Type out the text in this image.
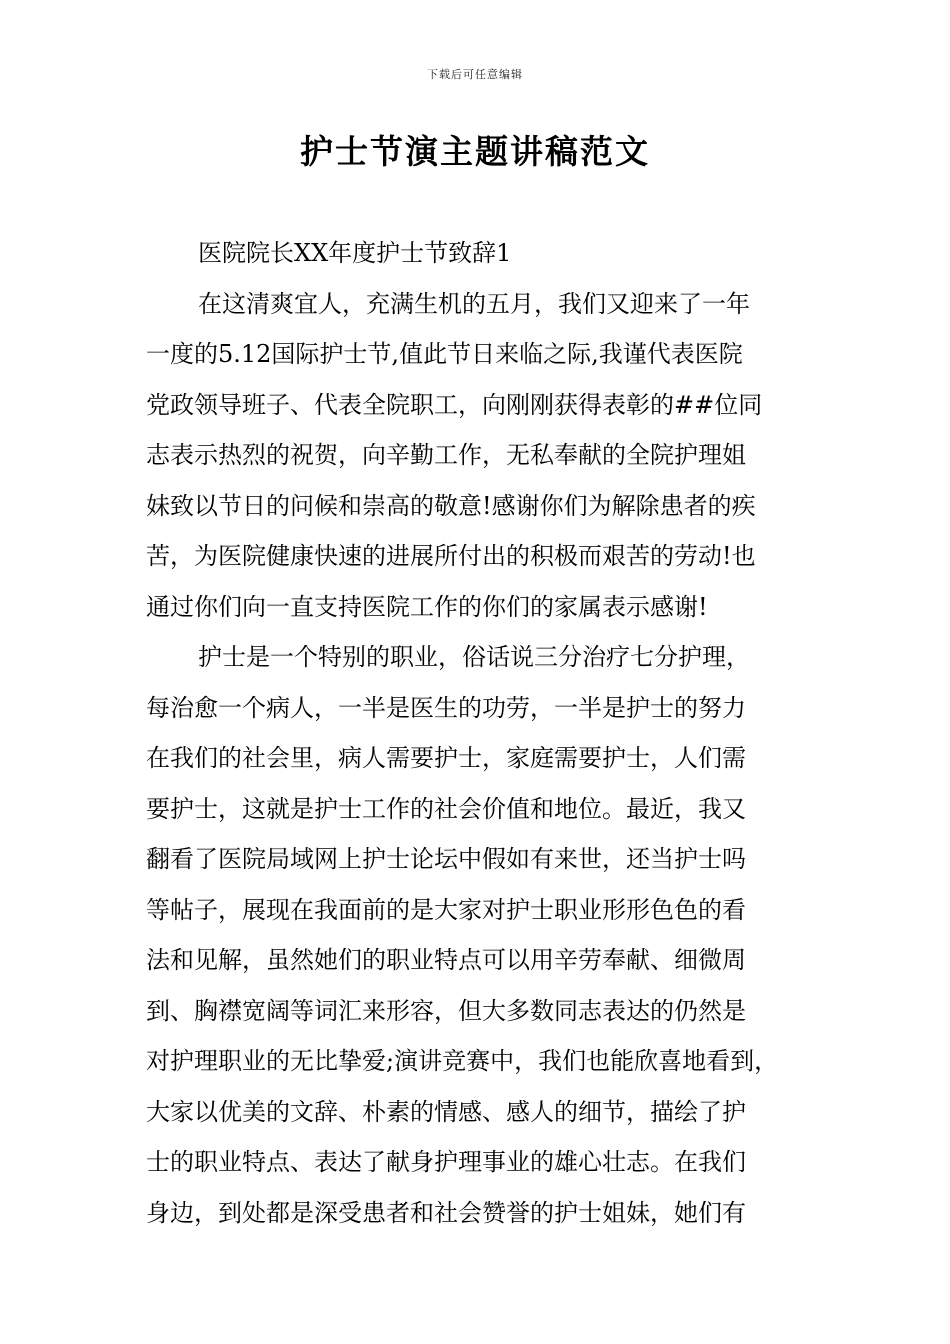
下载后可任意编辑
护士节演主题讲稿范文
医院院长XX年度护士节致辞1
在这清爽宜人，充满生机的五月，我们又迎来了一年
一度的5.12国际护士节,值此节日来临之际,我谨代表医院
党政领导班子、代表全院职工，向刚刚获得表彰的##位同
志表示热烈的祝贺，向辛勤工作，无私奉献的全院护理姐
妹致以节日的问候和崇高的敬意!感谢你们为解除患者的疾
苦，为医院健康快速的进展所付出的积极而艰苦的劳动!也
通过你们向一直支持医院工作的你们的家属表示感谢!
护士是一个特别的职业，俗话说三分治疗七分护理，
每治愈一个病人，一半是医生的功劳，一半是护士的努力
在我们的社会里，病人需要护士，家庭需要护士，人们需
要护士，这就是护士工作的社会价值和地位。最近，我又
翻看了医院局域网上护士论坛中假如有来世，还当护士吗
等帖子，展现在我面前的是大家对护士职业形形色色的看
法和见解，虽然她们的职业特点可以用辛劳奉献、细微周
到、胸襟宽阔等词汇来形容，但大多数同志表达的仍然是
对护理职业的无比挚爱;演讲竞赛中，我们也能欣喜地看到，
大家以优美的文辞、朴素的情感、感人的细节，描绘了护
士的职业特点、表达了献身护理事业的雄心壮志。在我们
身边，到处都是深受患者和社会赞誉的护士姐妹，她们有
